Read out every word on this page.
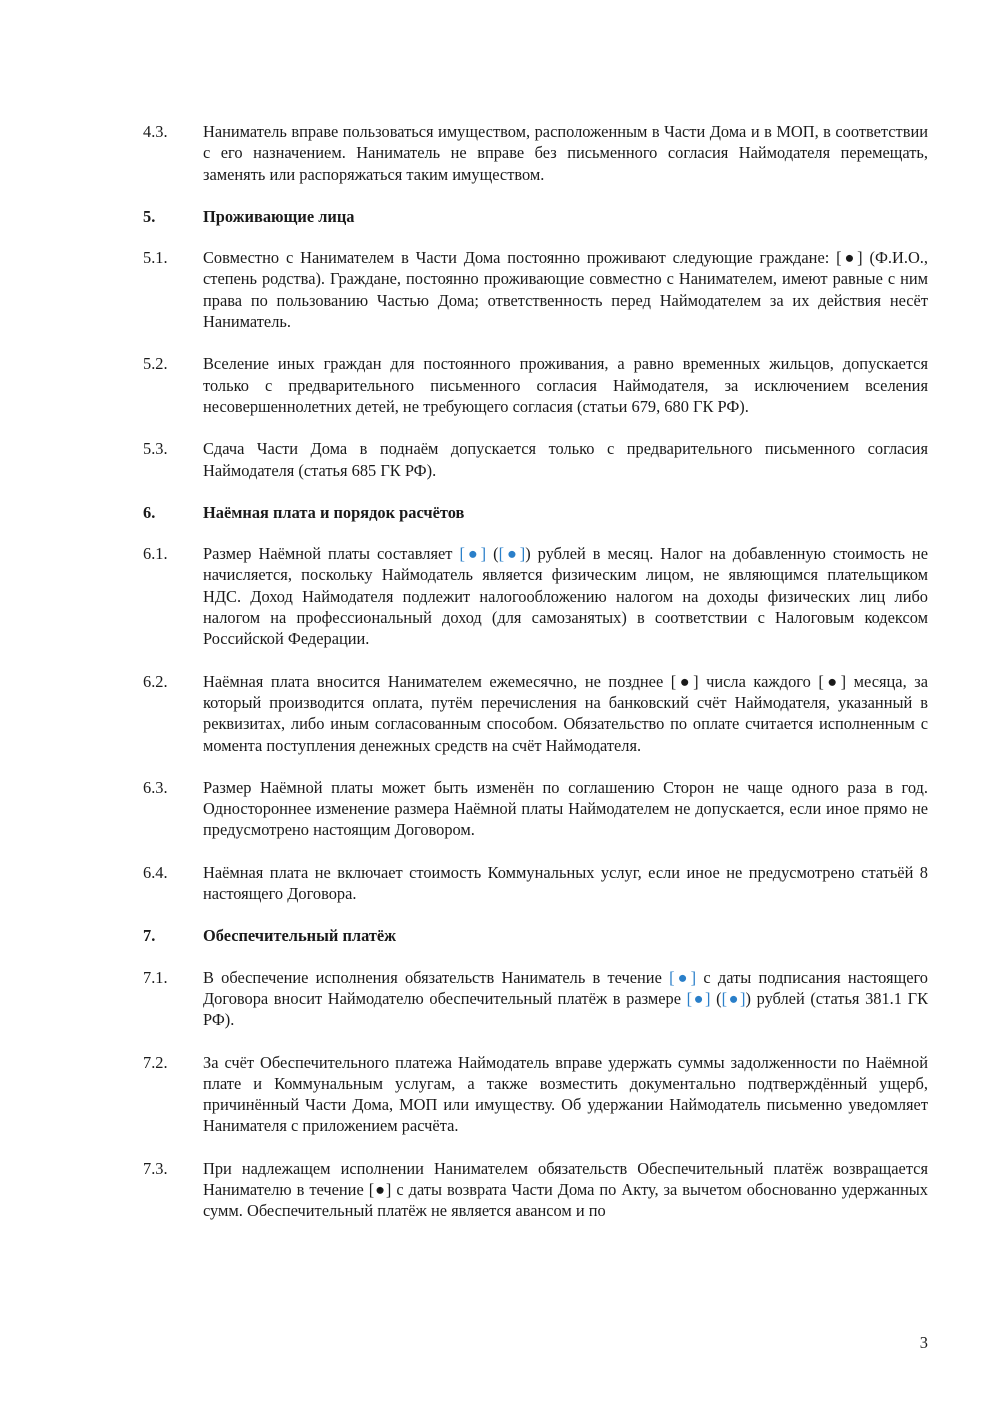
4.3.	Наниматель вправе пользоваться имуществом, расположенным в Части Дома и в МОП, в соответствии с его назначением. Наниматель не вправе без письменного согласия Наймодателя перемещать, заменять или распоряжаться таким имуществом.
5.	Проживающие лица
5.1.	Совместно с Нанимателем в Части Дома постоянно проживают следующие граждане: [●] (Ф.И.О., степень родства). Граждане, постоянно проживающие совместно с Нанимателем, имеют равные с ним права по пользованию Частью Дома; ответственность перед Наймодателем за их действия несёт Наниматель.
5.2.	Вселение иных граждан для постоянного проживания, а равно временных жильцов, допускается только с предварительного письменного согласия Наймодателя, за исключением вселения несовершеннолетних детей, не требующего согласия (статьи 679, 680 ГК РФ).
5.3.	Сдача Части Дома в поднаём допускается только с предварительного письменного согласия Наймодателя (статья 685 ГК РФ).
6.	Наёмная плата и порядок расчётов
6.1.	Размер Наёмной платы составляет [●] ([●]) рублей в месяц. Налог на добавленную стоимость не начисляется, поскольку Наймодатель является физическим лицом, не являющимся плательщиком НДС. Доход Наймодателя подлежит налогообложению налогом на доходы физических лиц либо налогом на профессиональный доход (для самозанятых) в соответствии с Налоговым кодексом Российской Федерации.
6.2.	Наёмная плата вносится Нанимателем ежемесячно, не позднее [●] числа каждого [●] месяца, за который производится оплата, путём перечисления на банковский счёт Наймодателя, указанный в реквизитах, либо иным согласованным способом. Обязательство по оплате считается исполненным с момента поступления денежных средств на счёт Наймодателя.
6.3.	Размер Наёмной платы может быть изменён по соглашению Сторон не чаще одного раза в год. Одностороннее изменение размера Наёмной платы Наймодателем не допускается, если иное прямо не предусмотрено настоящим Договором.
6.4.	Наёмная плата не включает стоимость Коммунальных услуг, если иное не предусмотрено статьёй 8 настоящего Договора.
7.	Обеспечительный платёж
7.1.	В обеспечение исполнения обязательств Наниматель в течение [●] с даты подписания настоящего Договора вносит Наймодателю обеспечительный платёж в размере [●] ([●]) рублей (статья 381.1 ГК РФ).
7.2.	За счёт Обеспечительного платежа Наймодатель вправе удержать суммы задолженности по Наёмной плате и Коммунальным услугам, а также возместить документально подтверждённый ущерб, причинённый Части Дома, МОП или имуществу. Об удержании Наймодатель письменно уведомляет Нанимателя с приложением расчёта.
7.3.	При надлежащем исполнении Нанимателем обязательств Обеспечительный платёж возвращается Нанимателю в течение [●] с даты возврата Части Дома по Акту, за вычетом обоснованно удержанных сумм. Обеспечительный платёж не является авансом и по
3
